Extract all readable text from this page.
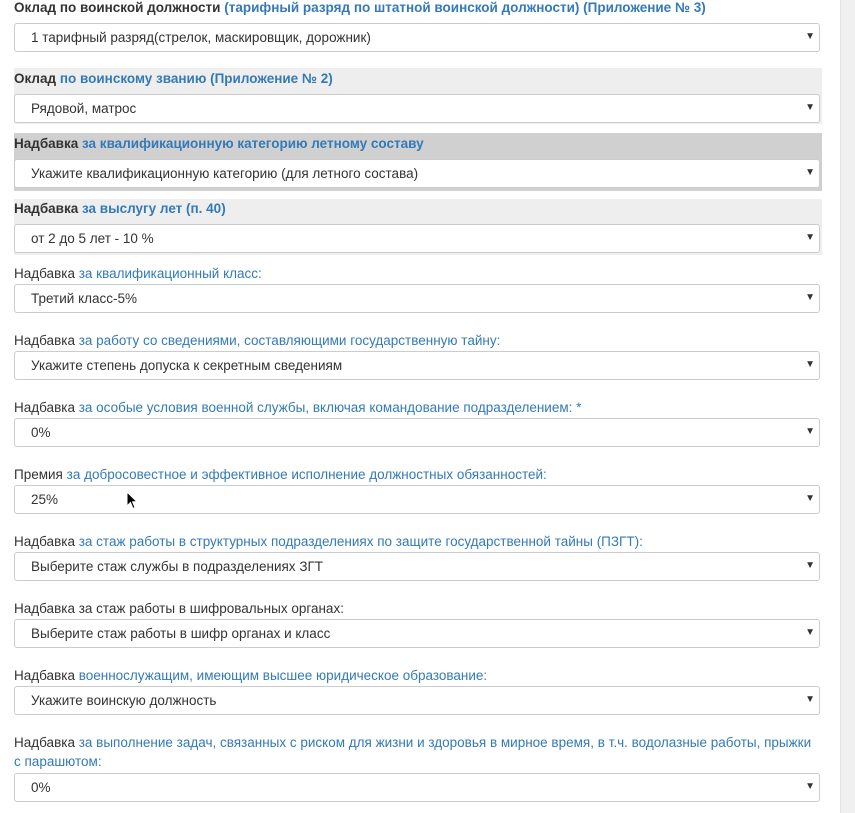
Оклад по воинской должности (тарифный разряд по штатной воинской должности) (Приложение № 3)
1 тарифный разряд(стрелок, маскировщик, дорожник)	▼
Оклад по воинскому званию (Приложение № 2)
Рядовой, матрос	▼
Надбавка за квалификационную категорию летному составу
Укажите квалификационную категорию (для летного состава)	▼
Надбавка за выслугу лет (п. 40)
от 2 до 5 лет - 10 %	▼
Надбавка за квалификационный класс:
Третий класс-5%	▼
Надбавка за работу со сведениями, составляющими государственную тайну:
Укажите степень допуска к секретным сведениям	▼
Надбавка за особые условия военной службы, включая командование подразделением: *
0%	▼
Премия за добросовестное и эффективное исполнение должностных обязанностей:
25%	▼
Надбавка за стаж работы в структурных подразделениях по защите государственной тайны (ПЗГТ):
Выберите стаж службы в подразделениях ЗГТ	▼
Надбавка за стаж работы в шифровальных органах:
Выберите стаж работы в шифр органах и класс	▼
Надбавка военнослужащим, имеющим высшее юридическое образование:
Укажите воинскую должность	▼
Надбавка за выполнение задач, связанных с риском для жизни и здоровья в мирное время, в т.ч. водолазные работы, прыжки с парашютом:
0%	▼
